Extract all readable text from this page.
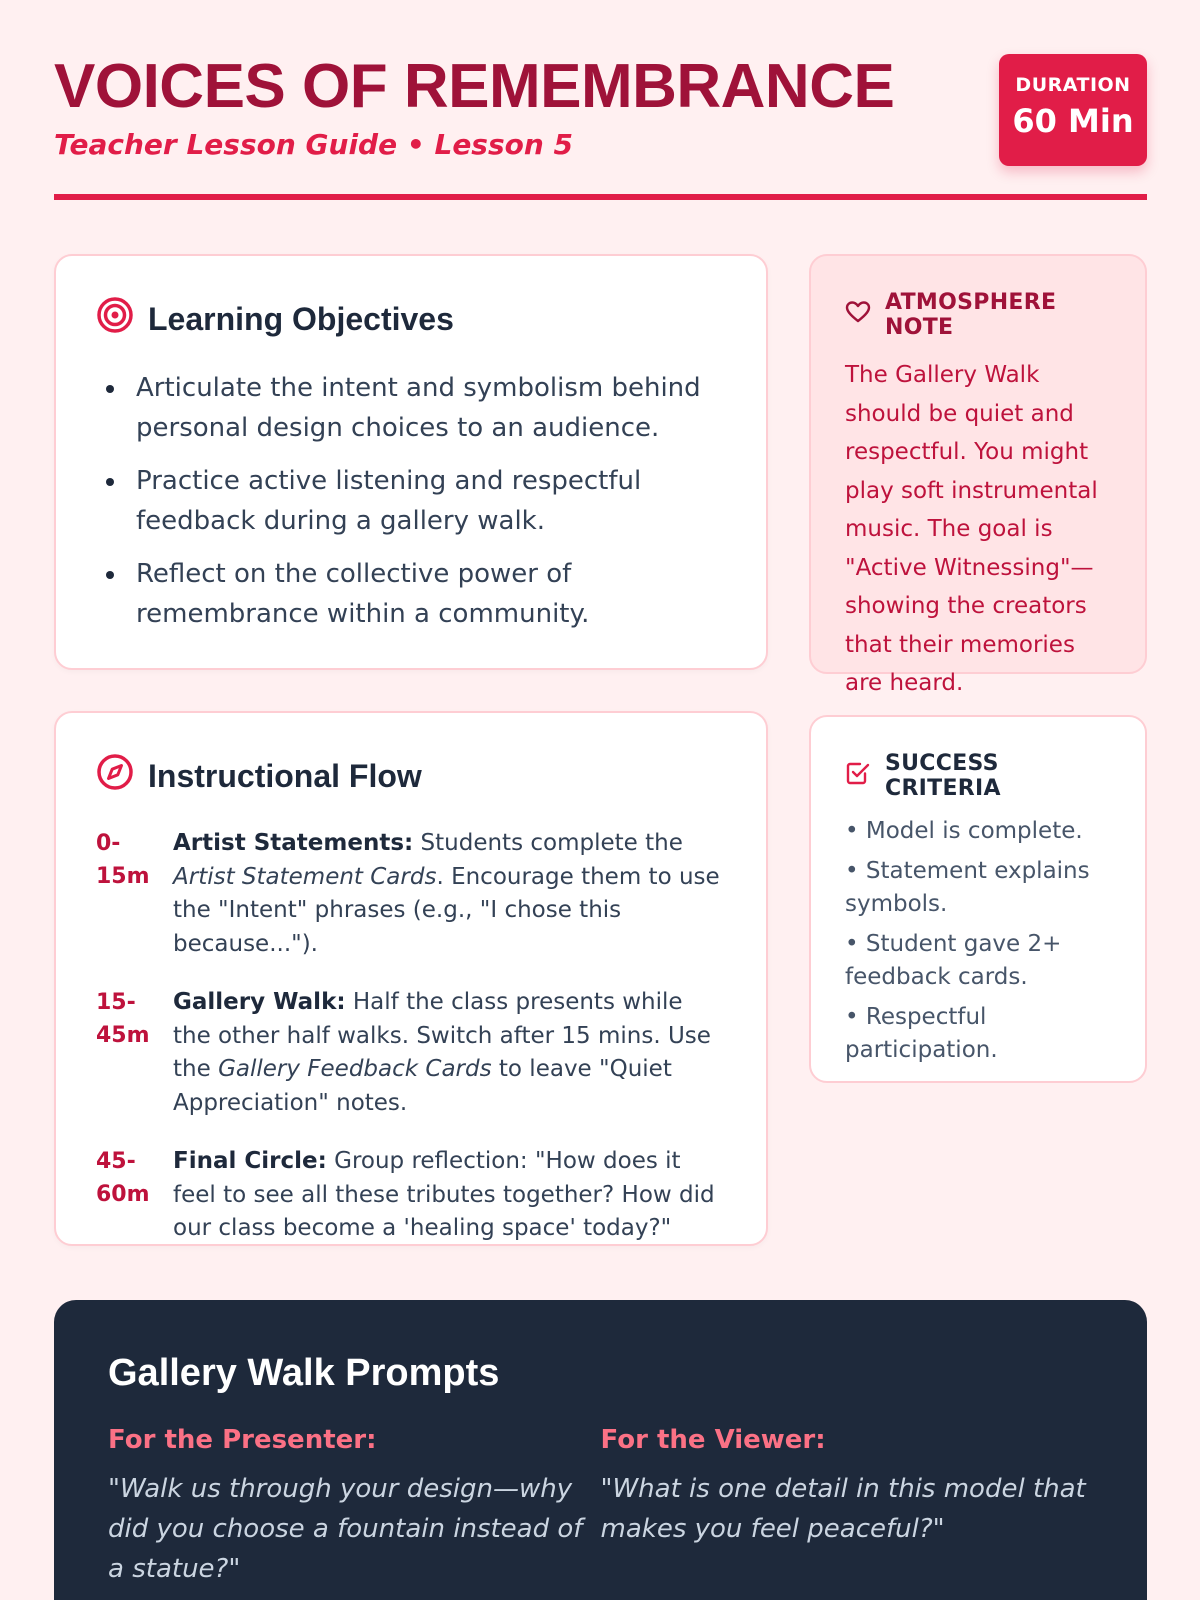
VOICES OF REMEMBRANCE
Teacher Lesson Guide • Lesson 5
DURATION
60 Min
Learning Objectives
Articulate the intent and symbolism behind personal design choices to an audience.
Practice active listening and respectful feedback during a gallery walk.
Reflect on the collective power of remembrance within a community.
ATMOSPHERE NOTE

The Gallery Walk should be quiet and respectful. You might play soft instrumental music. The goal is "Active Witnessing"—showing the creators that their memories are heard.

Instructional Flow
0-
15m
Artist Statements: Students complete the Artist Statement Cards. Encourage them to use the "Intent" phrases (e.g., "I chose this because...").
15-
45m
Gallery Walk: Half the class presents while the other half walks. Switch after 15 mins. Use the Gallery Feedback Cards to leave "Quiet Appreciation" notes.
45-
60m
Final Circle: Group reflection: "How does it feel to see all these tributes together? How did our class become a 'healing space' today?"
SUCCESS CRITERIA
• Model is complete.
• Statement explains symbols.
• Student gave 2+ feedback cards.
• Respectful participation.
Gallery Walk Prompts
For the Presenter:
"Walk us through your design—why did you choose a fountain instead of a statue?"
For the Viewer:
"What is one detail in this model that makes you feel peaceful?"
